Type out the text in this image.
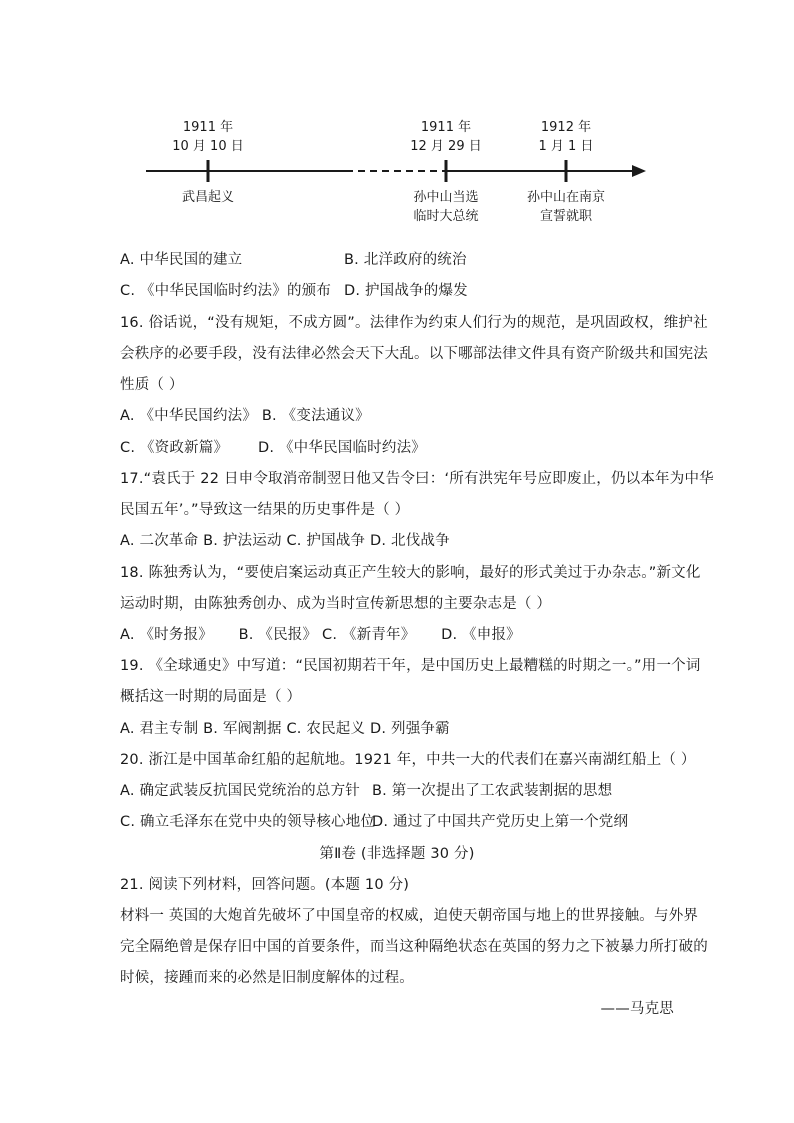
1911 年
10 月 10 日
1911 年
12 月 29 日
1912 年
1 月 1 日
武昌起义	孙中山当选
临时大总统
孙中山在南京
宣誓就职
A. 中华民国的建立	B. 北洋政府的统治
C. 《中华民国临时约法》的颁布 D. 护国战争的爆发
16. 俗话说，“没有规矩，不成方圆”。法律作为约束人们行为的规范，是巩固政权，维护社
会秩序的必要手段，没有法律必然会天下大乱。以下哪部法律文件具有资产阶级共和国宪法
性质（ ）
A. 《中华民国约法》 B. 《变法通议》
C. 《资政新篇》 D. 《中华民国临时约法》
17.“袁氏于 22 日申令取消帝制翌日他又告令曰：‘所有洪宪年号应即废止，仍以本年为中华
民国五年’。”导致这一结果的历史事件是（ ）
A. 二次革命 B. 护法运动 C. 护国战争 D. 北伐战争
18. 陈独秀认为，“要使启案运动真正产生较大的影响，最好的形式美过于办杂志。”新文化
运动时期，由陈独秀创办、成为当时宣传新思想的主要杂志是（ ）
A. 《时务报》 B. 《民报》 C. 《新青年》 D. 《申报》
19. 《全球通史》中写道：“民国初期若干年，是中国历史上最糟糕的时期之一。”用一个词
概括这一时期的局面是（ ）
A. 君主专制 B. 军阀割据 C. 农民起义 D. 列强争霸
20. 浙江是中国革命红船的起航地。1921 年，中共一大的代表们在嘉兴南湖红船上（ ）
A. 确定武装反抗国民党统治的总方针 B. 第一次提出了工农武装割据的思想
C. 确立毛泽东在党中央的领导核心地位
D. 通过了中国共产党历史上第一个党纲
第Ⅱ卷 (非选择题 30 分)
21. 阅读下列材料，回答问题。(本题 10 分)
材料一 英国的大炮首先破坏了中国皇帝的权威，迫使天朝帝国与地上的世界接触。与外界
完全隔绝曾是保存旧中国的首要条件，而当这种隔绝状态在英国的努力之下被暴力所打破的
时候，接踵而来的必然是旧制度解体的过程。
——马克思
